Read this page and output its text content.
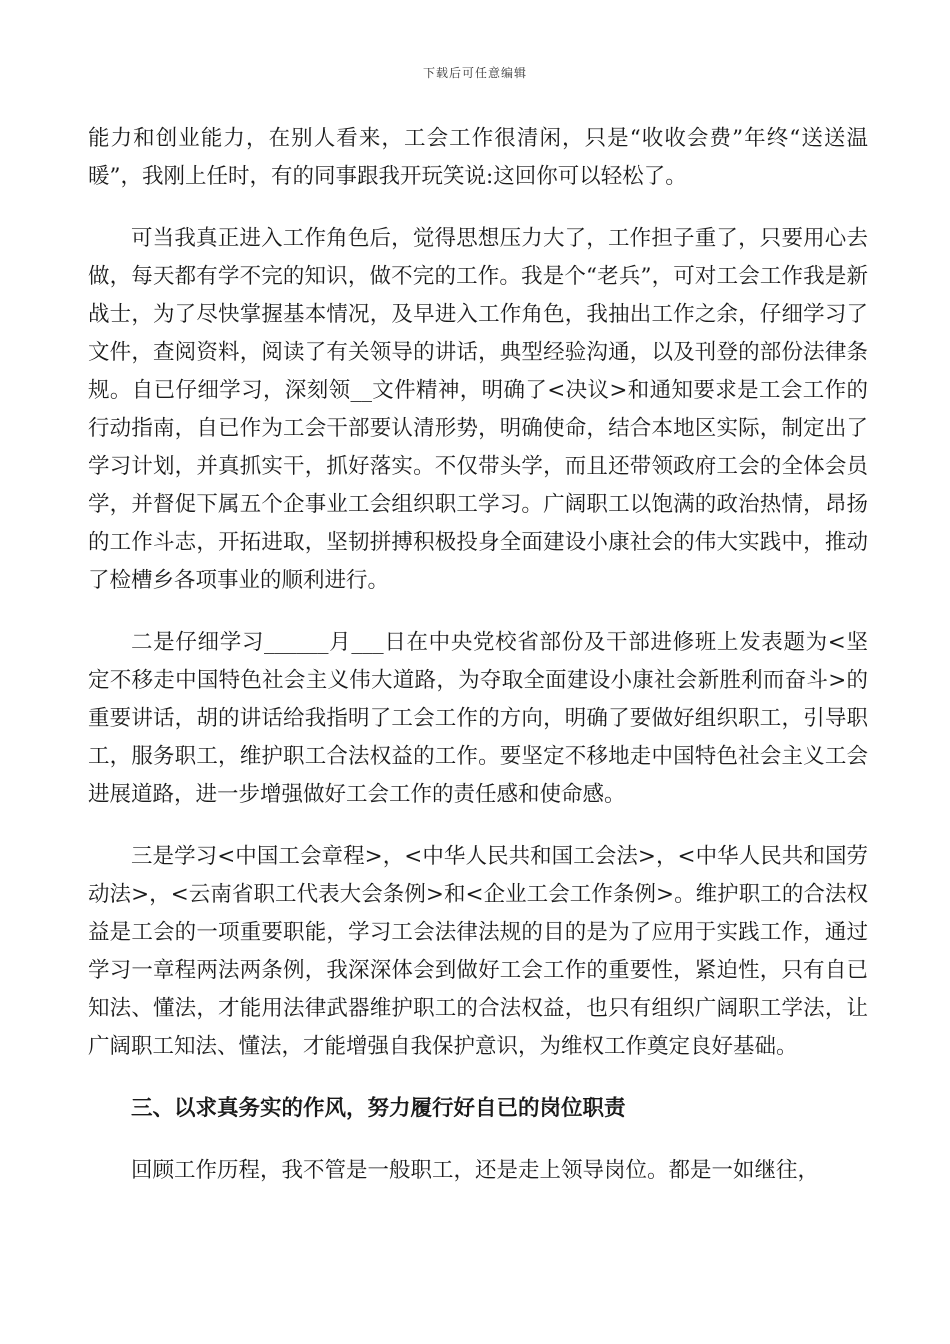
下载后可任意编辑

能力和创业能力，在别人看来，工会工作很清闲，只是“收收会费”年终“送送温暖”，我刚上任时，有的同事跟我开玩笑说:这回你可以轻松了。

可当我真正进入工作角色后，觉得思想压力大了，工作担子重了，只要用心去做，每天都有学不完的知识，做不完的工作。我是个“老兵”，可对工会工作我是新战士，为了尽快掌握基本情况，及早进入工作角色，我抽出工作之余，仔细学习了文件，查阅资料，阅读了有关领导的讲话，典型经验沟通，以及刊登的部份法律条规。自已仔细学习，深刻领__文件精神，明确了<决议>和通知要求是工会工作的行动指南，自已作为工会干部要认清形势，明确使命，结合本地区实际，制定出了学习计划，并真抓实干，抓好落实。不仅带头学，而且还带领政府工会的全体会员学，并督促下属五个企事业工会组织职工学习。广阔职工以饱满的政治热情，昂扬的工作斗志，开拓进取，坚韧拼搏积极投身全面建设小康社会的伟大实践中，推动了检槽乡各项事业的顺利进行。

二是仔细学习______月___日在中央党校省部份及干部进修班上发表题为<坚定不移走中国特色社会主义伟大道路，为夺取全面建设小康社会新胜利而奋斗>的重要讲话，胡的讲话给我指明了工会工作的方向，明确了要做好组织职工，引导职工，服务职工，维护职工合法权益的工作。要坚定不移地走中国特色社会主义工会进展道路，进一步增强做好工会工作的责任感和使命感。

三是学习<中国工会章程>，<中华人民共和国工会法>，<中华人民共和国劳动法>，<云南省职工代表大会条例>和<企业工会工作条例>。维护职工的合法权益是工会的一项重要职能，学习工会法律法规的目的是为了应用于实践工作，通过学习一章程两法两条例，我深深体会到做好工会工作的重要性，紧迫性，只有自已知法、懂法，才能用法律武器维护职工的合法权益，也只有组织广阔职工学法，让广阔职工知法、懂法，才能增强自我保护意识，为维权工作奠定良好基础。

三、以求真务实的作风，努力履行好自已的岗位职责

回顾工作历程，我不管是一般职工，还是走上领导岗位。都是一如继往，
